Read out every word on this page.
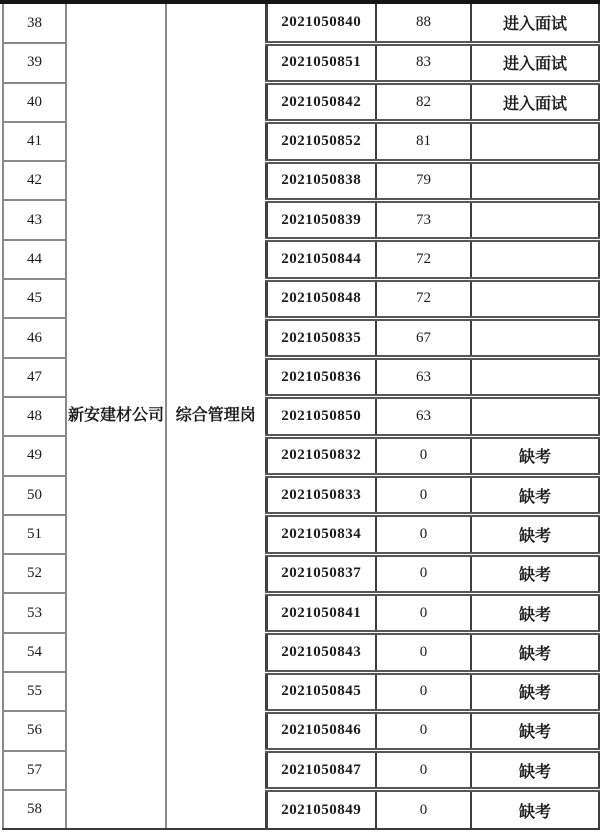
38	新安建材公司	综合管理岗	2021050840	88	进入面试
39			2021050851	83	进入面试
40			2021050842	82	进入面试
41			2021050852	81	
42			2021050838	79	
43			2021050839	73	
44			2021050844	72	
45			2021050848	72	
46			2021050835	67	
47			2021050836	63	
48			2021050850	63	
49			2021050832	0	缺考
50			2021050833	0	缺考
51			2021050834	0	缺考
52			2021050837	0	缺考
53			2021050841	0	缺考
54			2021050843	0	缺考
55			2021050845	0	缺考
56			2021050846	0	缺考
57			2021050847	0	缺考
58			2021050849	0	缺考
